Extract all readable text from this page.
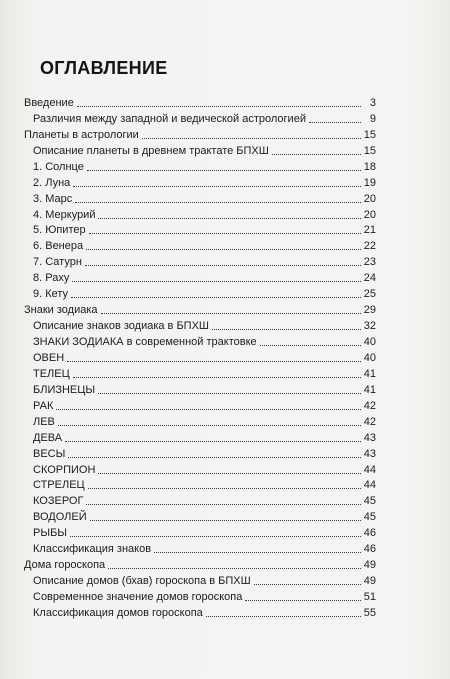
ОГЛАВЛЕНИЕ
Введение	3
Различия между западной и ведической астрологией	9
Планеты в астрологии	15
Описание планеты в древнем трактате БПХШ	15
1. Солнце	18
2. Луна	19
3. Марс	20
4. Меркурий	20
5. Юпитер	21
6. Венера	22
7. Сатурн	23
8. Раху	24
9. Кету	25
Знаки зодиака	29
Описание знаков зодиака в БПХШ	32
ЗНАКИ ЗОДИАКА в современной трактовке	40
ОВЕН	40
ТЕЛЕЦ	41
БЛИЗНЕЦЫ	41
РАК	42
ЛЕВ	42
ДЕВА	43
ВЕСЫ	43
СКОРПИОН	44
СТРЕЛЕЦ	44
КОЗЕРОГ	45
ВОДОЛЕЙ	45
РЫБЫ	46
Классификация знаков	46
Дома гороскопа	49
Описание домов (бхав) гороскопа в БПХШ	49
Современное значение домов гороскопа	51
Классификация домов гороскопа	55
